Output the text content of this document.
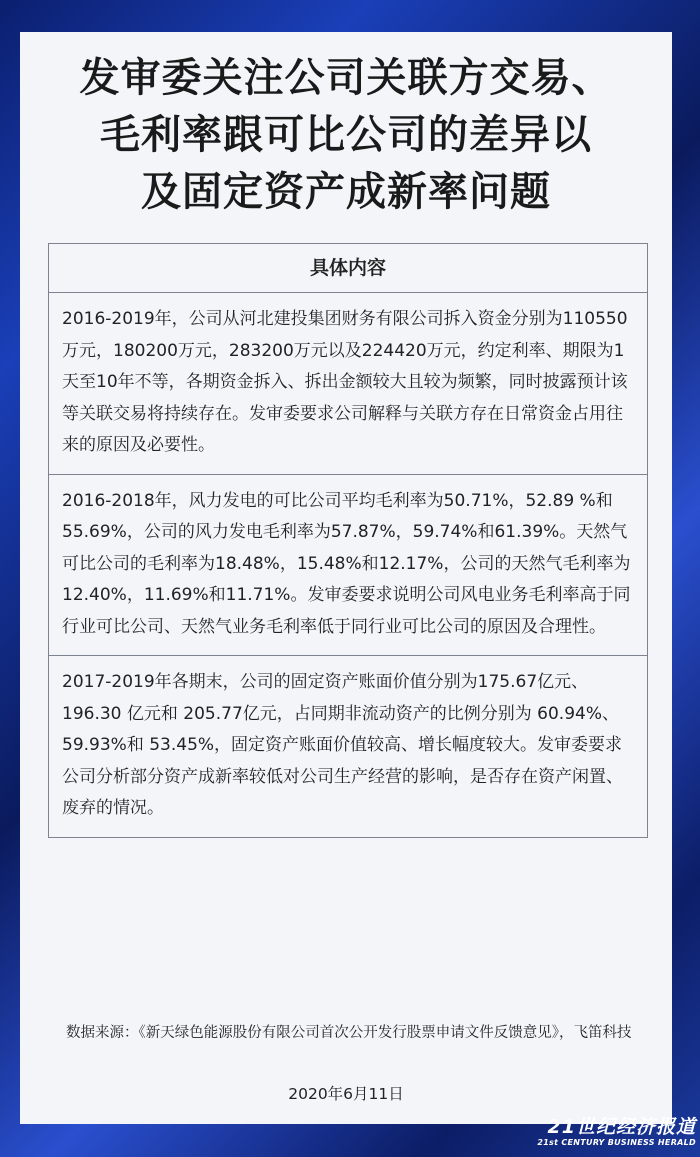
发审委关注公司关联方交易、
毛利率跟可比公司的差异以
及固定资产成新率问题
具体内容
2016-2019年，公司从河北建投集团财务有限公司拆入资金分别为110550万元，180200万元，283200万元以及224420万元，约定利率、期限为1天至10年不等，各期资金拆入、拆出金额较大且较为频繁，同时披露预计该等关联交易将持续存在。发审委要求公司解释与关联方存在日常资金占用往来的原因及必要性。
2016-2018年，风力发电的可比公司平均毛利率为50.71%，52.89 %和55.69%，公司的风力发电毛利率为57.87%，59.74%和61.39%。天然气可比公司的毛利率为18.48%，15.48%和12.17%，公司的天然气毛利率为12.40%，11.69%和11.71%。发审委要求说明公司风电业务毛利率高于同行业可比公司、天然气业务毛利率低于同行业可比公司的原因及合理性。
2017-2019年各期末，公司的固定资产账面价值分别为175.67亿元、196.30 亿元和 205.77亿元，占同期非流动资产的比例分别为 60.94%、59.93%和 53.45%，固定资产账面价值较高、增长幅度较大。发审委要求公司分析部分资产成新率较低对公司生产经营的影响，是否存在资产闲置、废弃的情况。
数据来源：《新天绿色能源股份有限公司首次公开发行股票申请文件反馈意见》，飞笛科技
2020年6月11日
21世纪经济报道
21st CENTURY BUSINESS HERALD
